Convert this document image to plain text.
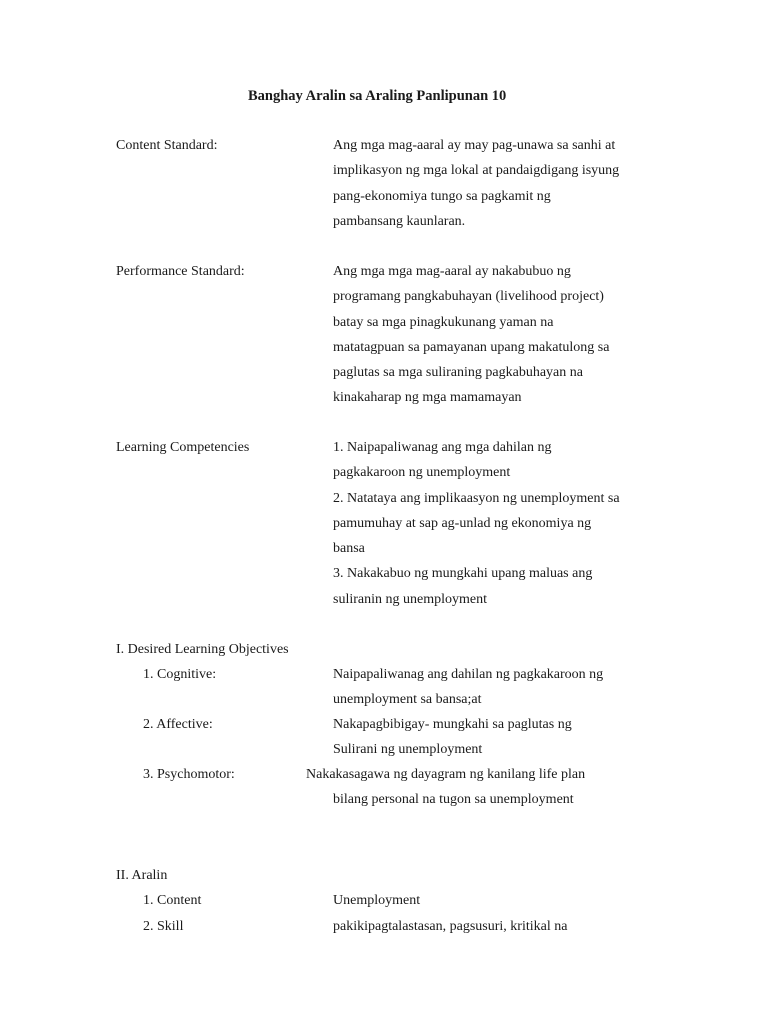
Banghay Aralin sa Araling Panlipunan 10
Content Standard:	Ang mga mag-aaral ay may pag-unawa sa sanhi at
implikasyon ng mga lokal at pandaigdigang isyung
pang-ekonomiya tungo sa pagkamit ng
pambansang kaunlaran.
Performance Standard:	Ang mga mga mag-aaral ay nakabubuo ng
programang pangkabuhayan (livelihood project)
batay sa mga pinagkukunang yaman na
matatagpuan sa pamayanan upang makatulong sa
paglutas sa mga suliraning pagkabuhayan na
kinakaharap ng mga mamamayan
Learning Competencies	1. Naipapaliwanag ang mga dahilan ng
pagkakaroon ng unemployment
2. Natataya ang implikaasyon ng unemployment sa
pamumuhay at sap ag-unlad ng ekonomiya ng
bansa
3. Nakakabuo ng mungkahi upang maluas ang
suliranin ng unemployment
I. Desired Learning Objectives
1. Cognitive:	Naipapaliwanag ang dahilan ng pagkakaroon ng
unemployment sa bansa;at
2. Affective:	Nakapagbibigay- mungkahi sa paglutas ng
Sulirani ng unemployment
3. Psychomotor:	Nakakasagawa ng dayagram ng kanilang life plan
bilang personal na tugon sa unemployment
II. Aralin
1. Content	Unemployment
2. Skill	pakikipagtalastasan, pagsusuri, kritikal na
